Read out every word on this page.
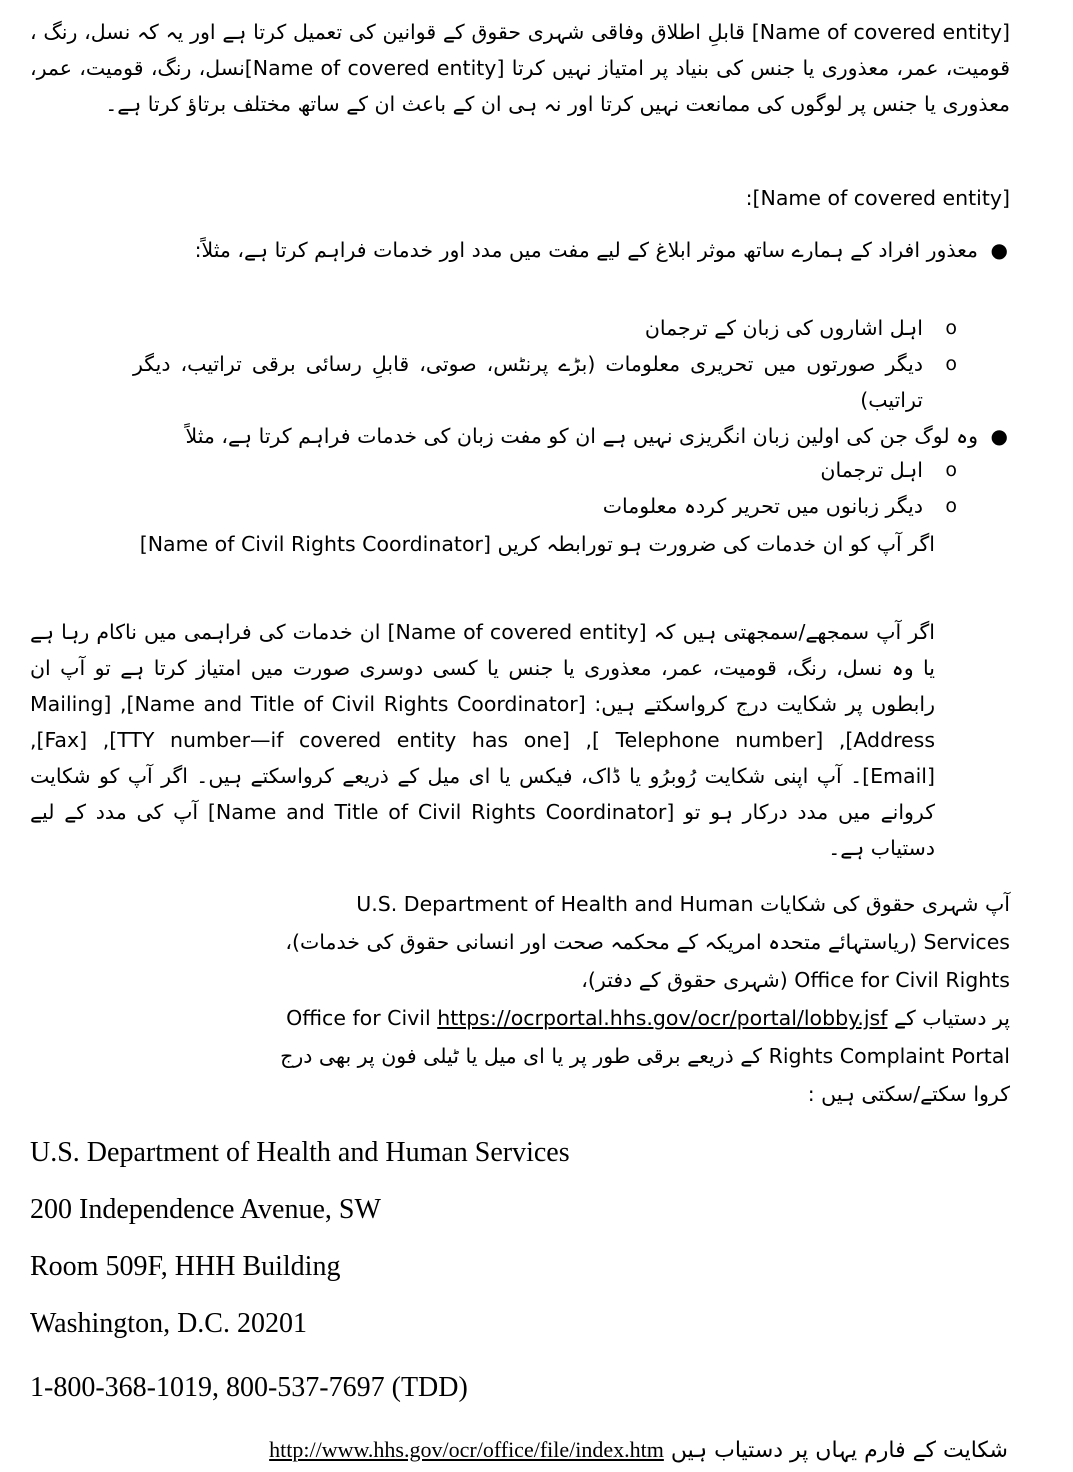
[Name of covered entity] قابلِ اطلاق وفاقی شہری حقوق کے قوانین کی تعمیل کرتا ہے اور یہ کہ نسل، رنگ ، قومیت، عمر، معذوری یا جنس کی بنیاد پر امتیاز نہیں کرتا [Name of covered entity]نسل، رنگ، قومیت، عمر، معذوری یا جنس پر لوگوں کی ممانعت نہیں کرتا اور نہ ہی ان کے باعث ان کے ساتھ مختلف برتاؤ کرتا ہے۔

[Name of covered entity]:

●
معذور افراد کے ہمارے ساتھ موثر ابلاغ کے لیے مفت میں مدد اور خدمات فراہم کرتا ہے، مثلاً:
o
اہل اشاروں کی زبان کے ترجمان
o
دیگر صورتوں میں تحریری معلومات (بڑے پرنٹس، صوتی، قابلِ رسائی برقی تراتیب، دیگر تراتیب)
●
وہ لوگ جن کی اولین زبان انگریزی نہیں ہے ان کو مفت زبان کی خدمات فراہم کرتا ہے، مثلاً
o
اہل ترجمان
o
دیگر زبانوں میں تحریر کردہ معلومات

اگر آپ کو ان خدمات کی ضرورت ہو تورابطہ کریں [Name of Civil Rights Coordinator]

اگر آپ سمجھے/سمجھتی ہیں کہ [Name of covered entity] ان خدمات کی فراہمی میں ناکام رہا ہے یا وہ نسل، رنگ، قومیت، عمر، معذوری یا جنس یا کسی دوسری صورت میں امتیاز کرتا ہے تو آپ ان رابطوں پر شکایت درج کرواسکتے ہیں: [Name and Title of Civil Rights Coordinator], [Mailing Address], [Telephone number ], [TTY number—if covered entity has one], [Fax], [Email]۔ آپ اپنی شکایت رُوبرُو یا ڈاک، فیکس یا ای میل کے ذریعے کرواسکتے ہیں۔ اگر آپ کو شکایت کروانے میں مدد درکار ہو تو [Name and Title of Civil Rights Coordinator] آپ کی مدد کے لیے دستیاب ہے۔

آپ شہری حقوق کی شکایات U.S. Department of Health and Human
Services (ریاستہائے متحدہ امریکہ کے محکمہ صحت اور انسانی حقوق کی خدمات)،
Office for Civil Rights (شہری حقوق کے دفتر)،
پر دستیاب کے Office for Civil https://ocrportal.hhs.gov/ocr/portal/lobby.jsf
Rights Complaint Portal کے ذریعے برقی طور پر یا ای میل یا ٹیلی فون پر بھی درج
کروا سکتے/سکتی ہیں :

U.S. Department of Health and Human Services

200 Independence Avenue, SW

Room 509F, HHH Building

Washington, D.C. 20201

1-800-368-1019, 800-537-7697 (TDD)

شکایت کے فارم یہاں پر دستیاب ہیں http://www.hhs.gov/ocr/office/file/index.htm
